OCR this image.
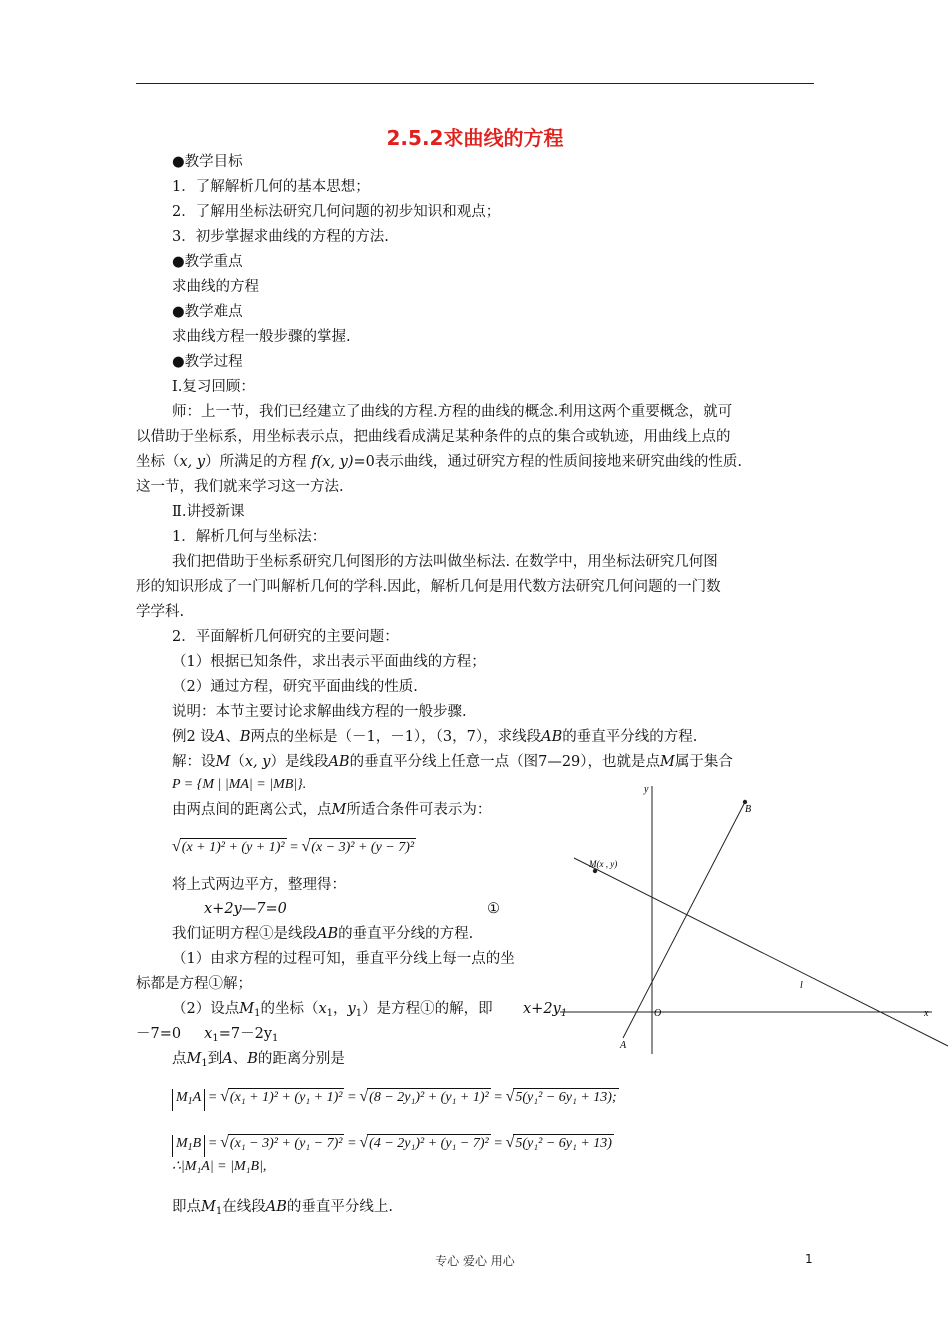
2.5.2求曲线的方程
●教学目标
1．了解解析几何的基本思想；
2．了解用坐标法研究几何问题的初步知识和观点；
3．初步掌握求曲线的方程的方法.
●教学重点
求曲线的方程
●教学难点
求曲线方程一般步骤的掌握.
●教学过程
Ⅰ.复习回顾：
师：上一节，我们已经建立了曲线的方程.方程的曲线的概念.利用这两个重要概念，就可
以借助于坐标系，用坐标表示点，把曲线看成满足某种条件的点的集合或轨迹，用曲线上点的
坐标（x, y）所满足的方程 f(x, y)=0表示曲线，通过研究方程的性质间接地来研究曲线的性质.
这一节，我们就来学习这一方法.
Ⅱ.讲授新课
1．解析几何与坐标法：
我们把借助于坐标系研究几何图形的方法叫做坐标法. 在数学中，用坐标法研究几何图
形的知识形成了一门叫解析几何的学科.因此，解析几何是用代数方法研究几何问题的一门数
学学科.
2．平面解析几何研究的主要问题：
（1）根据已知条件，求出表示平面曲线的方程；
（2）通过方程，研究平面曲线的性质.
说明：本节主要讨论求解曲线方程的一般步骤.
例2 设A、B两点的坐标是（－1，－1），（3，7），求线段AB的垂直平分线的方程.
解：设M（x, y）是线段AB的垂直平分线上任意一点（图7—29），也就是点M属于集合
P = {M | |MA| = |MB|}.
由两点间的距离公式，点M所适合条件可表示为：
√(x + 1)² + (y + 1)² = √(x − 3)² + (y − 7)²
将上式两边平方，整理得：
x+2y—7=0	①
我们证明方程①是线段AB的垂直平分线的方程.
（1）由求方程的过程可知，垂直平分线上每一点的坐
标都是方程①解；
（2）设点$M_1$的坐标（$x_1$，$y_1$）是方程①的解，即 $x+2y_1$
－7=0 $x_1=7-2y_1$
点$M_1$到A、B的距离分别是
$M_1A = √(x_1 + 1)^2 + (y_1 + 1)^2 = √(8 - 2y_1)^2 + (y_1 + 1)^2 = √5(y_1^2 - 6y_1 + 13)$;
$M_1B = √(x_1 - 3)^2 + (y_1 - 7)^2 = √(4 - 2y_1)^2 + (y_1 - 7)^2 = √5(y_1^2 - 6y_1 + 13)$
∴|M₁A| = |M₁B|,
即点$M_1$在线段AB的垂直平分线上.
y
x
O
A
B
M(x , y)
l
专心 爱心 用心	1
